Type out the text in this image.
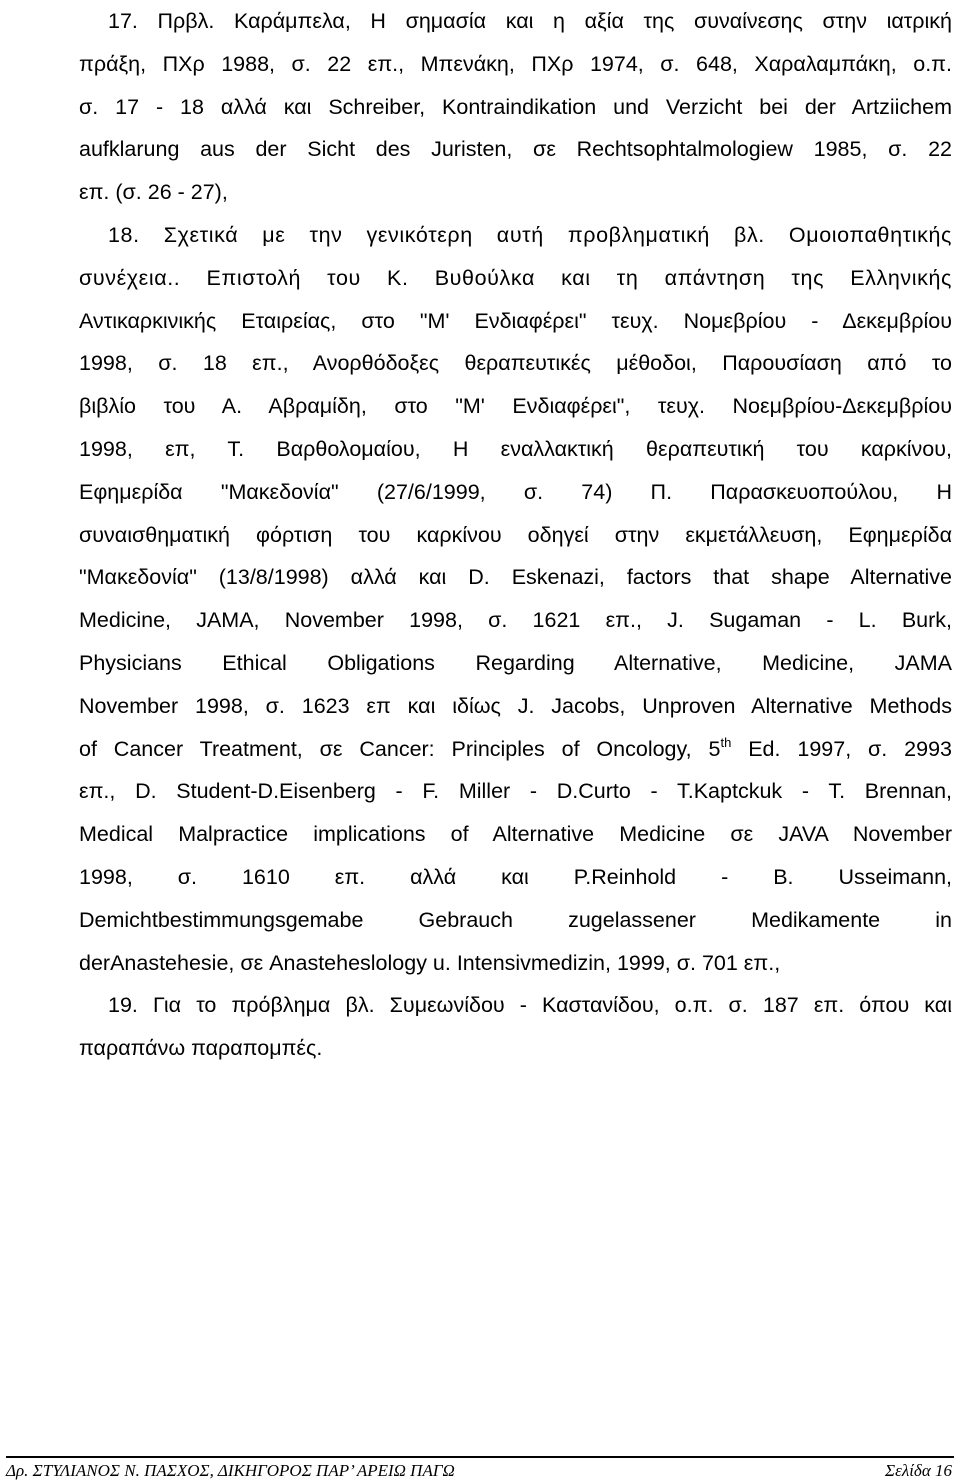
17. Πρβλ. Καράμπελα, Η σημασία και η αξία της συναίνεσης στην ιατρική
πράξη, ΠΧρ 1988, σ. 22 επ., Μπενάκη, ΠΧρ 1974, σ. 648, Χαραλαμπάκη, ο.π.
σ. 17 - 18 αλλά και Schreiber, Kontraindikation und Verzicht bei der Artziichem
aufklarung aus der Sicht des Juristen, σε Rechtsophtalmologiew 1985, σ. 22
επ. (σ. 26 - 27),
18. Σχετικά με την γενικότερη αυτή προβληματική βλ. Ομοιοπαθητικής
συνέχεια.. Επιστολή του Κ. Βυθούλκα και τη απάντηση της Ελληνικής
Αντικαρκινικής Εταιρείας, στο "Μ' Ενδιαφέρει" τευχ. Νομεβρίου - Δεκεμβρίου
1998, σ. 18 επ., Ανορθόδοξες θεραπευτικές μέθοδοι, Παρουσίαση από το
βιβλίο του Α. Αβραμίδη, στο "Μ' Ενδιαφέρει", τευχ. Νοεμβρίου-Δεκεμβρίου
1998, επ, Τ. Βαρθολομαίου, Η εναλλακτική θεραπευτική του καρκίνου,
Εφημερίδα "Μακεδονία" (27/6/1999, σ. 74) Π. Παρασκευοπούλου, Η
συναισθηματική φόρτιση του καρκίνου οδηγεί στην εκμετάλλευση, Εφημερίδα
"Μακεδονία" (13/8/1998) αλλά και D. Eskenazi, factors that shape Alternative
Medicine, JAMA, November 1998, σ. 1621 επ., J. Sugaman - L. Burk,
Physicians Ethical Obligations Regarding Alternative, Medicine, JAMA
November 1998, σ. 1623 επ και ιδίως J. Jacobs, Unproven Alternative Methods
of Cancer Treatment, σε Cancer: Principles of Oncology, 5th Ed. 1997, σ. 2993
επ., D. Student-D.Eisenberg - F. Miller - D.Curto - T.Kaptckuk - T. Brennan,
Medical Malpractice implications of Alternative Medicine σε JAVA November
1998, σ. 1610 επ. αλλά και P.Reinhold - B. Usseimann,
Demichtbestimmungsgemabe Gebrauch zugelassener Medikamente in
derAnastehesie, σε Anasteheslology u. Intensivmedizin, 1999, σ. 701 επ.,
19. Για το πρόβλημα βλ. Συμεωνίδου - Καστανίδου, ο.π. σ. 187 επ. όπου και
παραπάνω παραπομπές.
Δρ. ΣΤΥΛΙΑΝΟΣ Ν. ΠΑΣΧΟΣ, ΔΙΚΗΓΟΡΟΣ ΠΑΡ’ ΑΡΕΙΩ ΠΑΓΩ	Σελίδα 16
